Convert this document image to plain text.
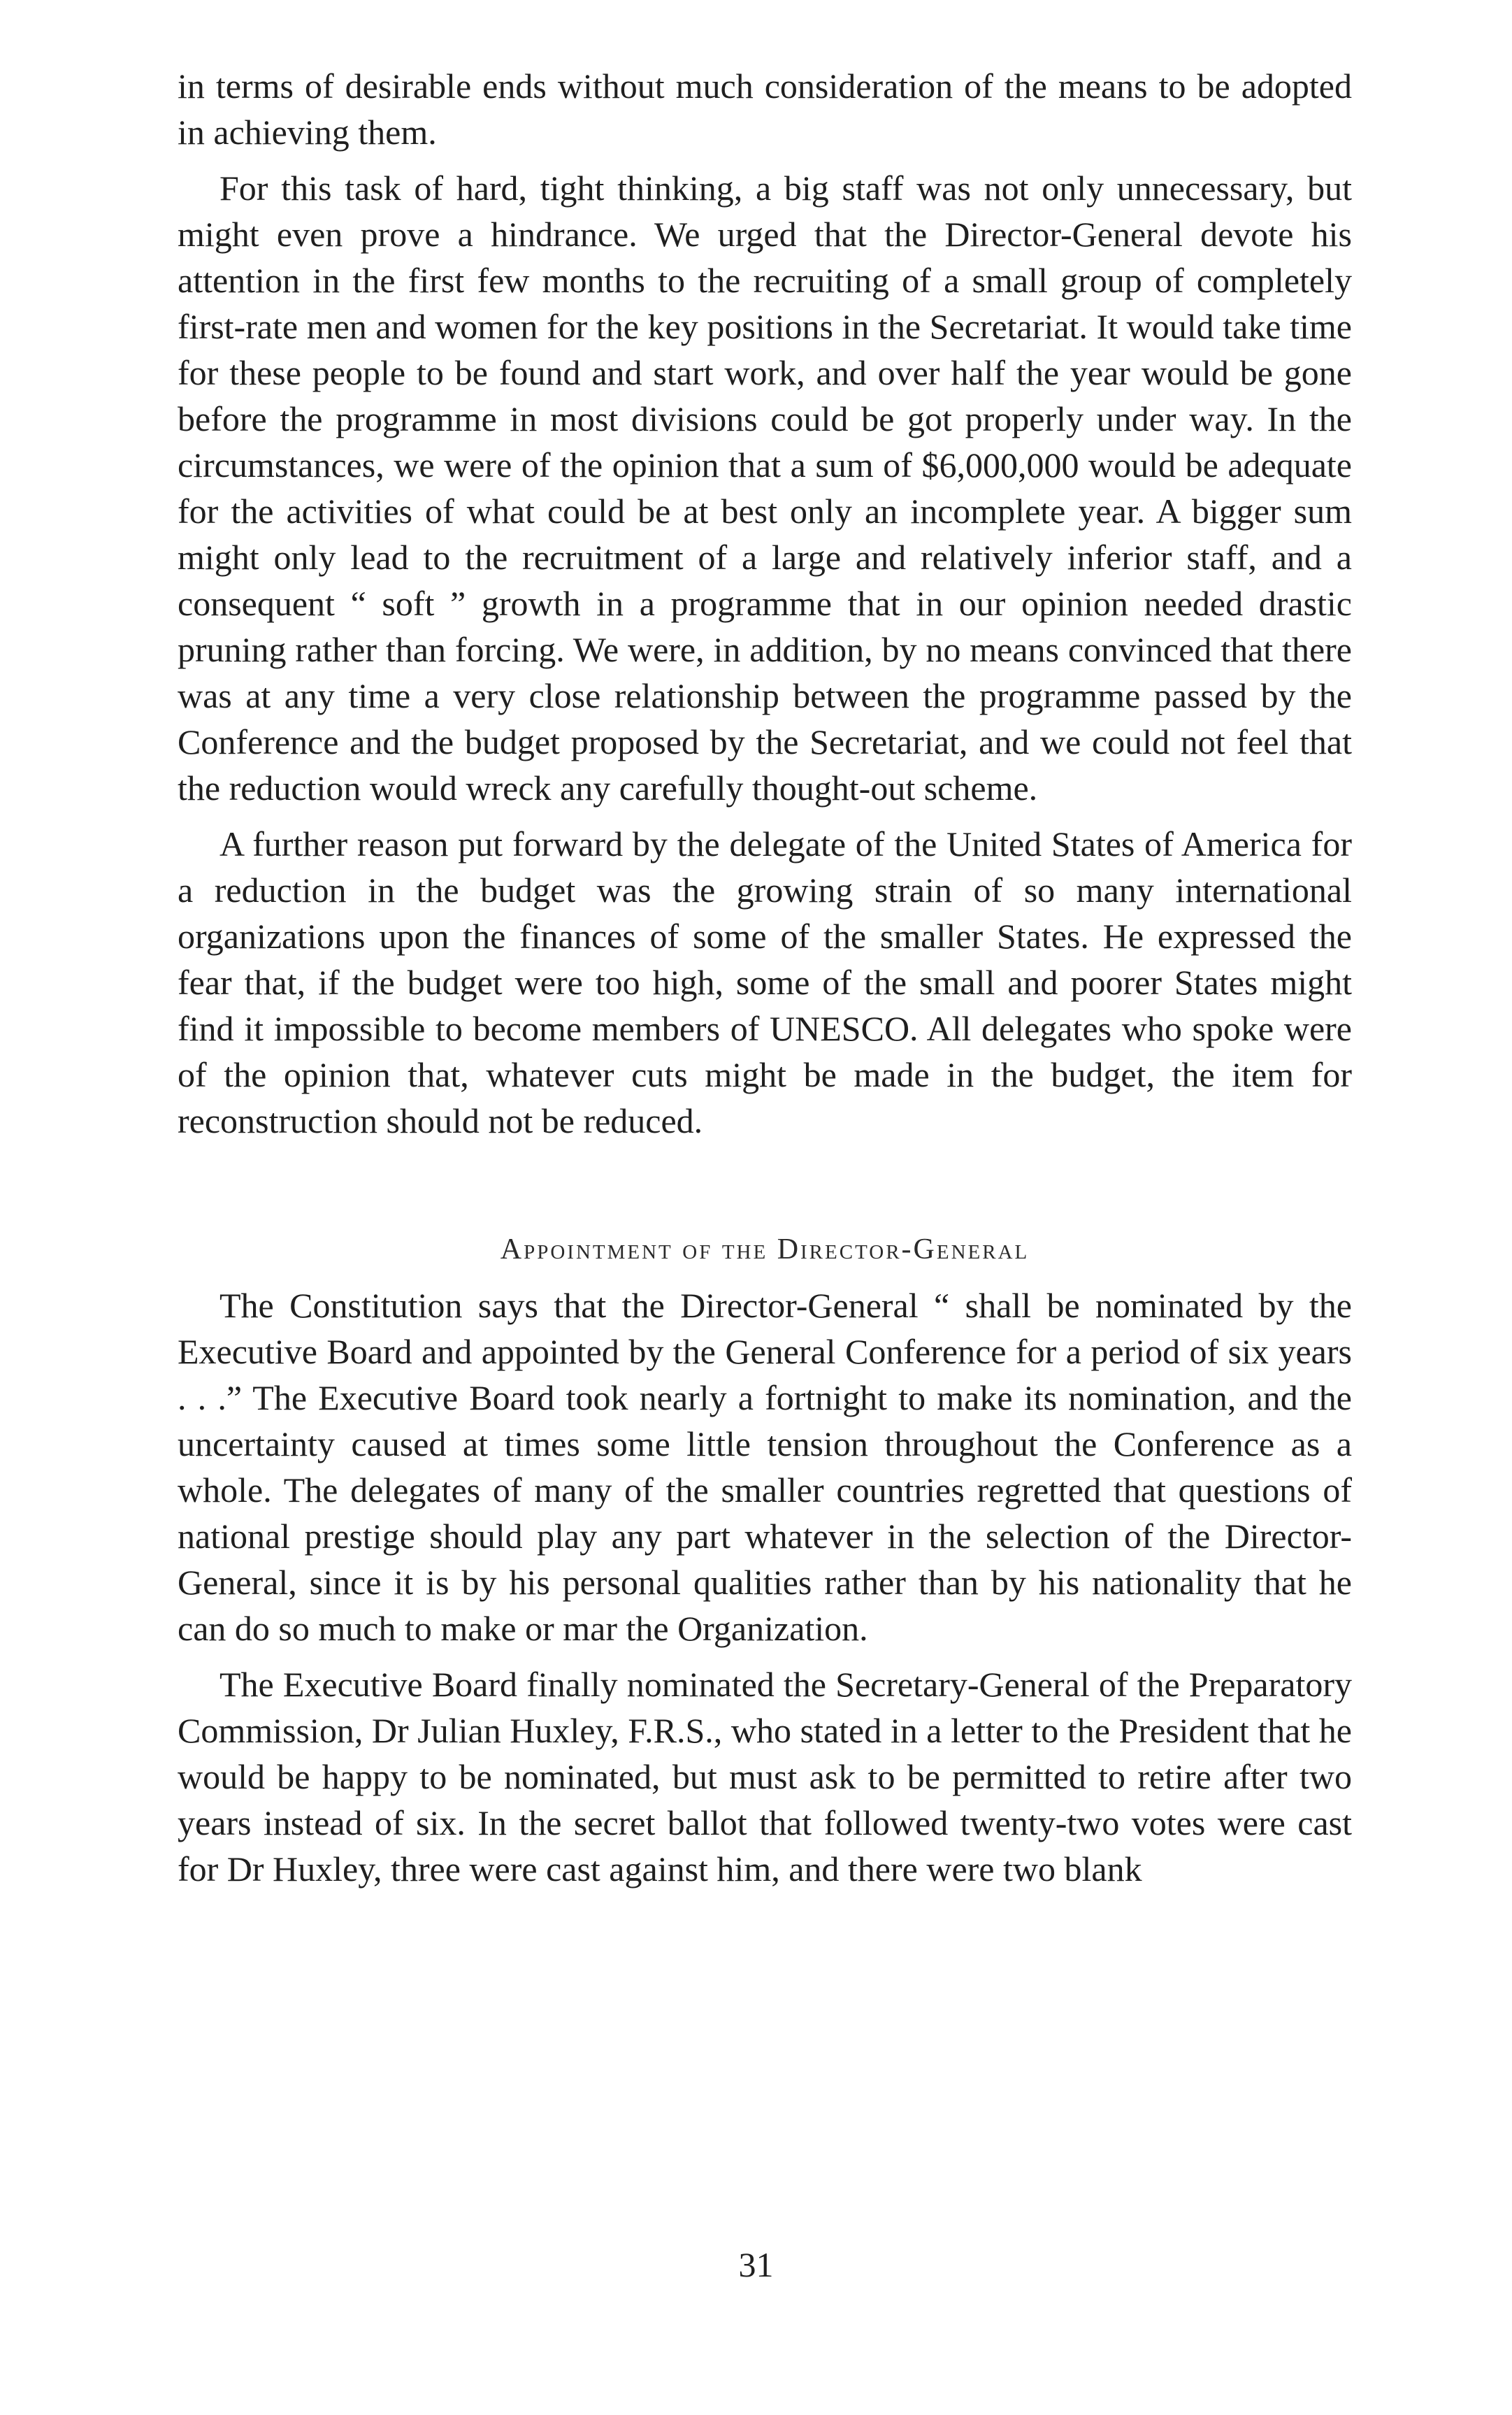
in terms of desirable ends without much consideration of the means to be adopted in achieving them.

For this task of hard, tight thinking, a big staff was not only unnecessary, but might even prove a hindrance. We urged that the Director-General devote his attention in the first few months to the recruiting of a small group of completely first-rate men and women for the key positions in the Secretariat. It would take time for these people to be found and start work, and over half the year would be gone before the programme in most divisions could be got properly under way. In the circumstances, we were of the opinion that a sum of $6,000,000 would be adequate for the activities of what could be at best only an incomplete year. A bigger sum might only lead to the recruitment of a large and relatively inferior staff, and a consequent “ soft ” growth in a programme that in our opinion needed drastic pruning rather than forcing. We were, in addition, by no means convinced that there was at any time a very close relationship between the programme passed by the Conference and the budget proposed by the Secretariat, and we could not feel that the reduction would wreck any carefully thought-out scheme.

A further reason put forward by the delegate of the United States of America for a reduction in the budget was the growing strain of so many international organizations upon the finances of some of the smaller States. He expressed the fear that, if the budget were too high, some of the small and poorer States might find it impossible to become members of UNESCO. All delegates who spoke were of the opinion that, whatever cuts might be made in the budget, the item for reconstruction should not be reduced.

Appointment of the Director-General

The Constitution says that the Director-General “ shall be nominated by the Executive Board and appointed by the General Conference for a period of six years . . .” The Executive Board took nearly a fortnight to make its nomination, and the uncertainty caused at times some little tension throughout the Conference as a whole. The delegates of many of the smaller countries regretted that questions of national prestige should play any part whatever in the selection of the Director-General, since it is by his personal qualities rather than by his nationality that he can do so much to make or mar the Organization.

The Executive Board finally nominated the Secretary-General of the Preparatory Commission, Dr Julian Huxley, F.R.S., who stated in a letter to the President that he would be happy to be nominated, but must ask to be permitted to retire after two years instead of six. In the secret ballot that followed twenty-two votes were cast for Dr Huxley, three were cast against him, and there were two blank

31
